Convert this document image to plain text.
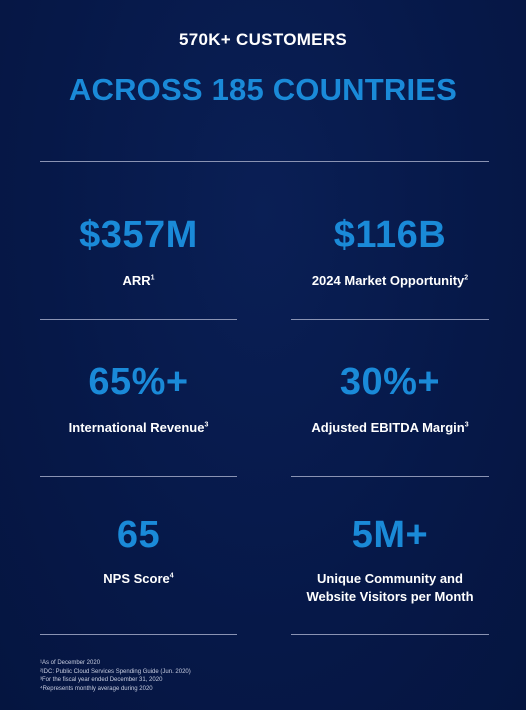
570K+ CUSTOMERS
ACROSS 185 COUNTRIES
$357M
ARR$^1$
$116B
2024 Market Opportunity$^2$
65%+
International Revenue$^3$
30%+
Adjusted EBITDA Margin$^3$
65
NPS Score$^4$
5M+
Unique Community and
Website Visitors per Month
¹As of December 2020
²IDC: Public Cloud Services Spending Guide (Jun. 2020)
³For the fiscal year ended December 31, 2020
⁴Represents monthly average during 2020
